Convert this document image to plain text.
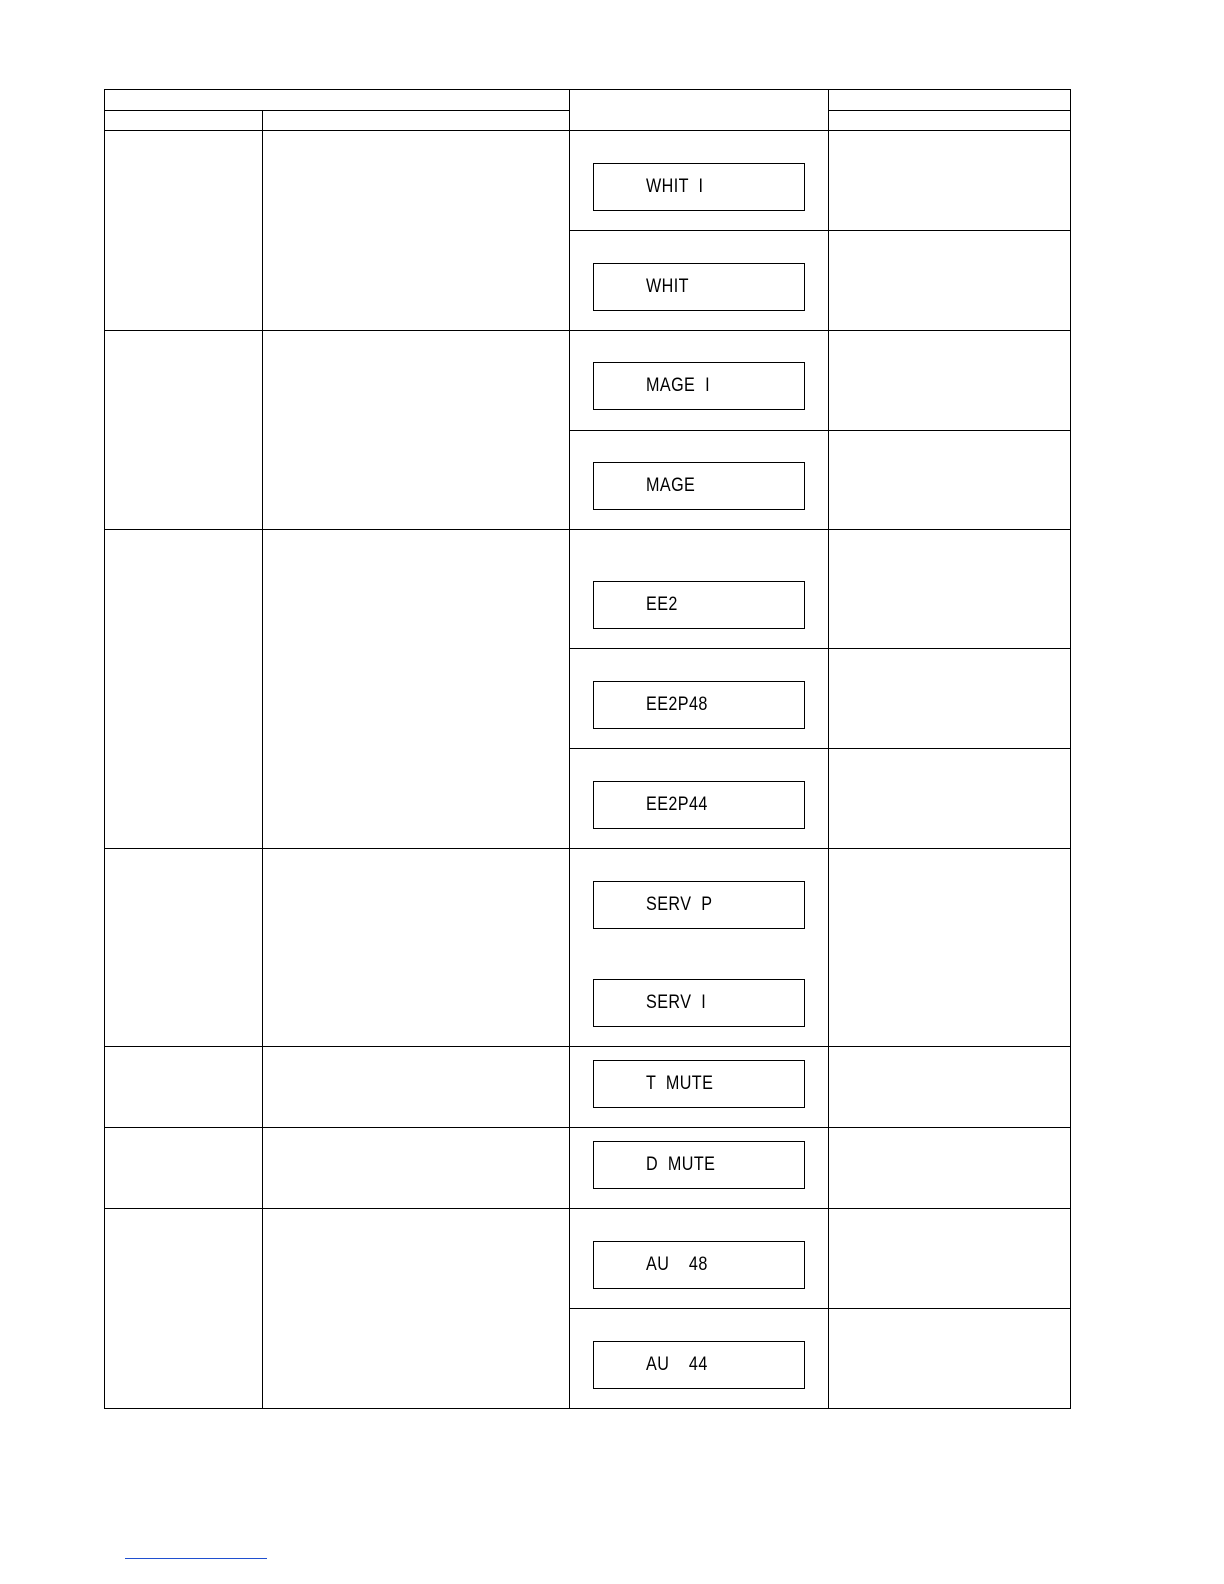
WHIT  I
WHIT
MAGE  I
MAGE
EE2
EE2P48
EE2P44
SERV  P
SERV  I
T  MUTE
D  MUTE
AU    48
AU    44
